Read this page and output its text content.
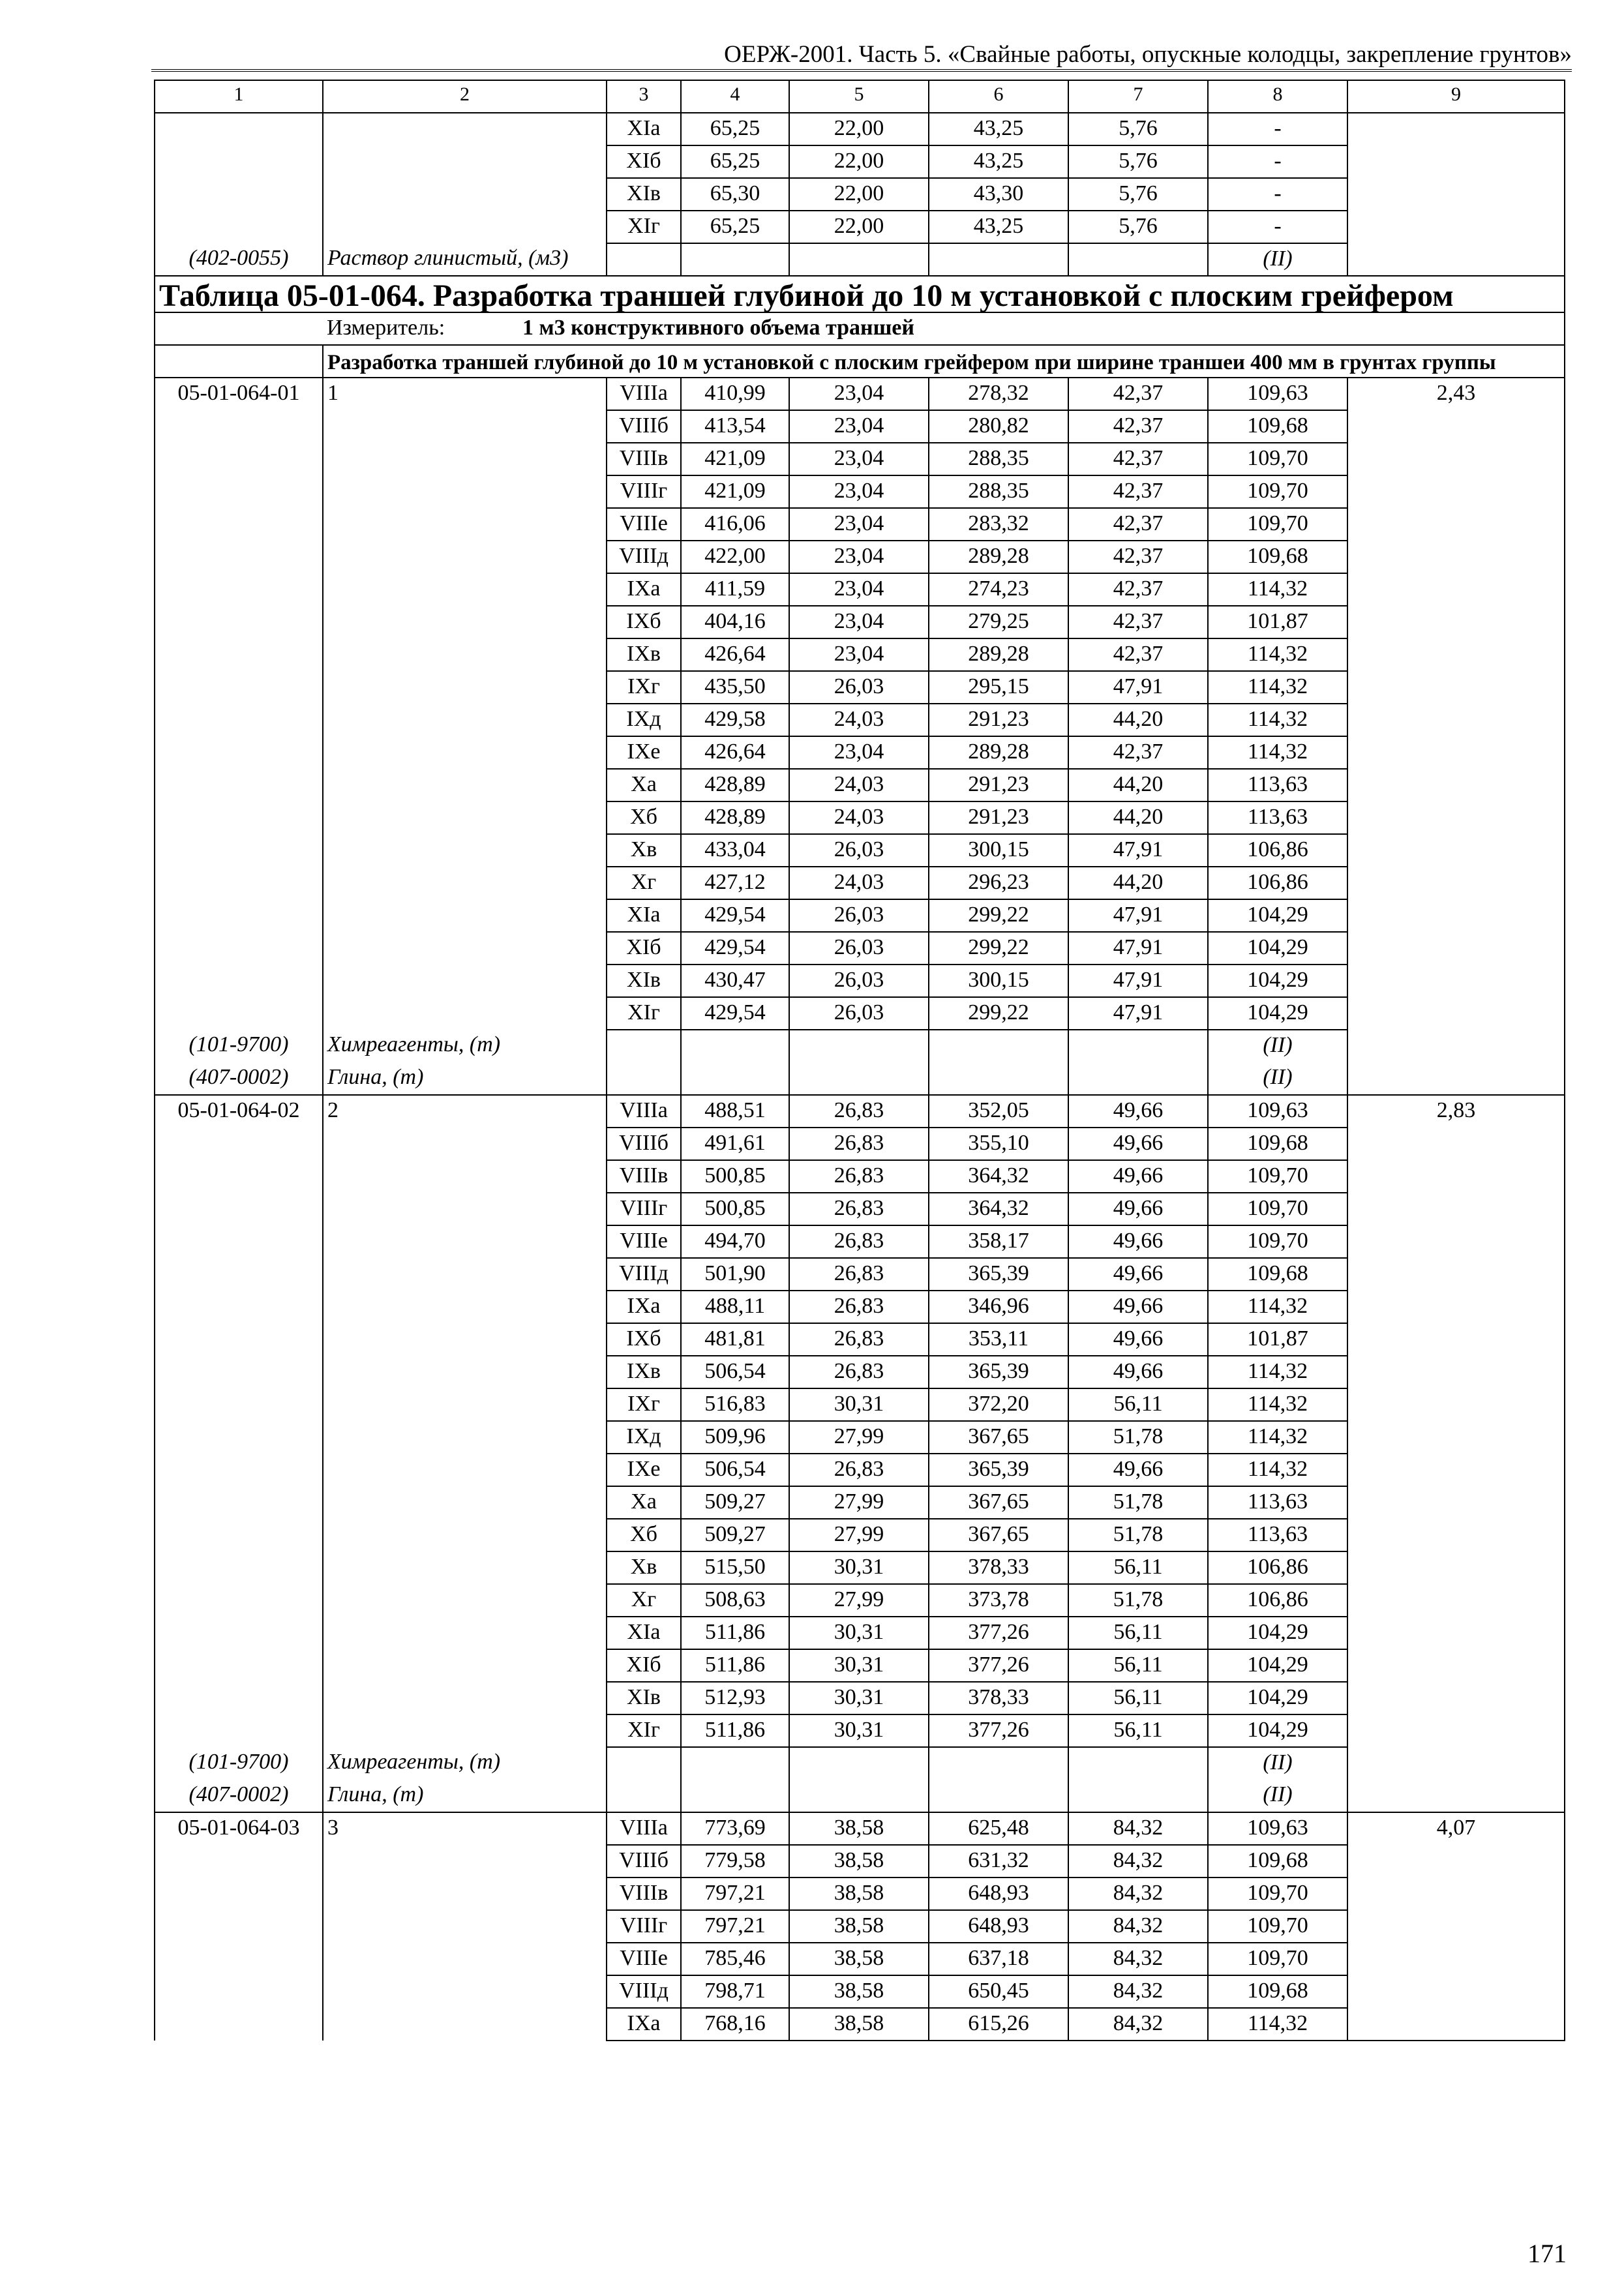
ОЕРЖ-2001. Часть 5. «Свайные работы, опускные колодцы, закрепление грунтов»
1	2	3	4	5	6	7	8	9
		XIа	65,25	22,00	43,25	5,76	-	
		XIб	65,25	22,00	43,25	5,76	-	
		XIв	65,30	22,00	43,30	5,76	-	
		XIг	65,25	22,00	43,25	5,76	-	
(402-0055)	Раствор глинистый, (м3)						(II)	
Таблица 05-01-064. Разработка траншей глубиной до 10 м установкой с плоским грейфером								
	Измеритель: 1 м3 конструктивного объема траншей							
	Разработка траншей глубиной до 10 м установкой с плоским грейфером при ширине траншеи 400 мм в грунтах группы							
05-01-064-01	1	VIIIа	410,99	23,04	278,32	42,37	109,63	2,43
		VIIIб	413,54	23,04	280,82	42,37	109,68	
		VIIIв	421,09	23,04	288,35	42,37	109,70	
		VIIIг	421,09	23,04	288,35	42,37	109,70	
		VIIIе	416,06	23,04	283,32	42,37	109,70	
		VIIIд	422,00	23,04	289,28	42,37	109,68	
		IXа	411,59	23,04	274,23	42,37	114,32	
		IXб	404,16	23,04	279,25	42,37	101,87	
		IXв	426,64	23,04	289,28	42,37	114,32	
		IXг	435,50	26,03	295,15	47,91	114,32	
		IXд	429,58	24,03	291,23	44,20	114,32	
		IXе	426,64	23,04	289,28	42,37	114,32	
		Xа	428,89	24,03	291,23	44,20	113,63	
		Xб	428,89	24,03	291,23	44,20	113,63	
		Xв	433,04	26,03	300,15	47,91	106,86	
		Xг	427,12	24,03	296,23	44,20	106,86	
		XIа	429,54	26,03	299,22	47,91	104,29	
		XIб	429,54	26,03	299,22	47,91	104,29	
		XIв	430,47	26,03	300,15	47,91	104,29	
		XIг	429,54	26,03	299,22	47,91	104,29	
(101-9700)	Химреагенты, (т)						(II)	
(407-0002)	Глина, (т)						(II)	
05-01-064-02	2	VIIIа	488,51	26,83	352,05	49,66	109,63	2,83
		VIIIб	491,61	26,83	355,10	49,66	109,68	
		VIIIв	500,85	26,83	364,32	49,66	109,70	
		VIIIг	500,85	26,83	364,32	49,66	109,70	
		VIIIе	494,70	26,83	358,17	49,66	109,70	
		VIIIд	501,90	26,83	365,39	49,66	109,68	
		IXа	488,11	26,83	346,96	49,66	114,32	
		IXб	481,81	26,83	353,11	49,66	101,87	
		IXв	506,54	26,83	365,39	49,66	114,32	
		IXг	516,83	30,31	372,20	56,11	114,32	
		IXд	509,96	27,99	367,65	51,78	114,32	
		IXе	506,54	26,83	365,39	49,66	114,32	
		Xа	509,27	27,99	367,65	51,78	113,63	
		Xб	509,27	27,99	367,65	51,78	113,63	
		Xв	515,50	30,31	378,33	56,11	106,86	
		Xг	508,63	27,99	373,78	51,78	106,86	
		XIа	511,86	30,31	377,26	56,11	104,29	
		XIб	511,86	30,31	377,26	56,11	104,29	
		XIв	512,93	30,31	378,33	56,11	104,29	
		XIг	511,86	30,31	377,26	56,11	104,29	
(101-9700)	Химреагенты, (т)						(II)	
(407-0002)	Глина, (т)						(II)	
05-01-064-03	3	VIIIа	773,69	38,58	625,48	84,32	109,63	4,07
		VIIIб	779,58	38,58	631,32	84,32	109,68	
		VIIIв	797,21	38,58	648,93	84,32	109,70	
		VIIIг	797,21	38,58	648,93	84,32	109,70	
		VIIIе	785,46	38,58	637,18	84,32	109,70	
		VIIIд	798,71	38,58	650,45	84,32	109,68	
		IXа	768,16	38,58	615,26	84,32	114,32	
171
